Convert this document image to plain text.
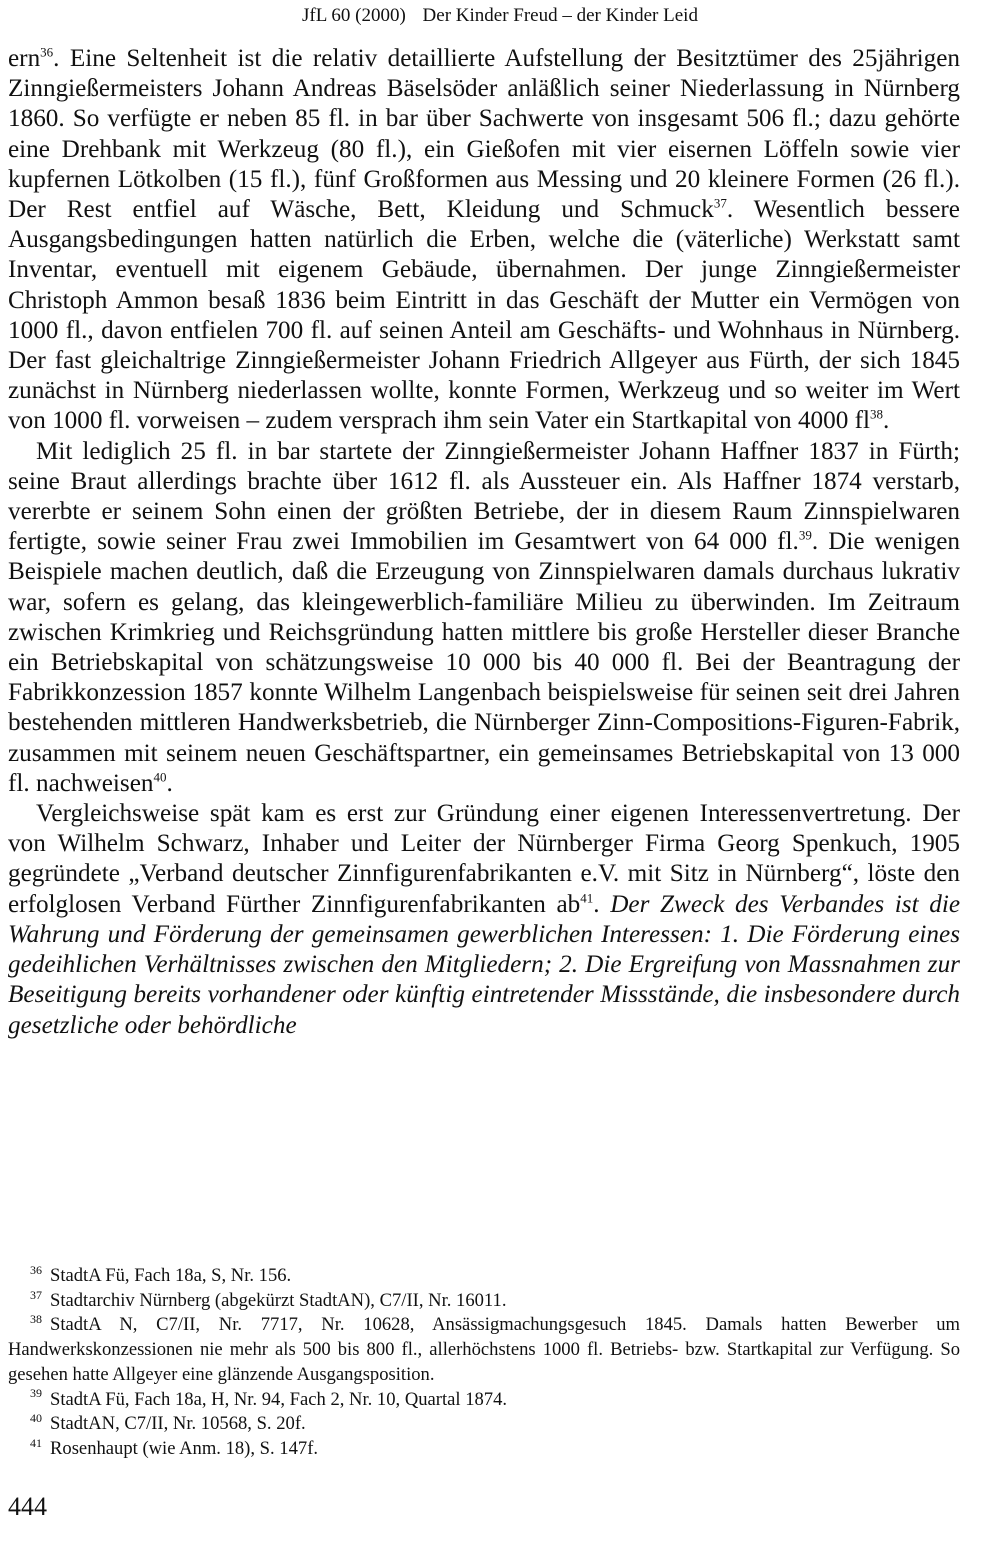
JfL 60 (2000) Der Kinder Freud – der Kinder Leid

ern$^{36}$. Eine Seltenheit ist die relativ detaillierte Aufstellung der Besitztümer des 25jährigen Zinngießermeisters Johann Andreas Bäselsöder anläßlich seiner Niederlassung in Nürnberg 1860. So verfügte er neben 85 fl. in bar über Sachwerte von insgesamt 506 fl.; dazu gehörte eine Drehbank mit Werkzeug (80 fl.), ein Gießofen mit vier eisernen Löffeln sowie vier kupfernen Lötkolben (15 fl.), fünf Großformen aus Messing und 20 kleinere Formen (26 fl.). Der Rest entfiel auf Wäsche, Bett, Kleidung und Schmuck$^{37}$. Wesentlich bessere Ausgangsbedingungen hatten natürlich die Erben, welche die (väterliche) Werkstatt samt Inventar, eventuell mit eigenem Gebäude, übernahmen. Der junge Zinngießermeister Christoph Ammon besaß 1836 beim Eintritt in das Geschäft der Mutter ein Vermögen von 1000 fl., davon entfielen 700 fl. auf seinen Anteil am Geschäfts- und Wohnhaus in Nürnberg. Der fast gleichaltrige Zinngießermeister Johann Friedrich Allgeyer aus Fürth, der sich 1845 zunächst in Nürnberg niederlassen wollte, konnte Formen, Werkzeug und so weiter im Wert von 1000 fl. vorweisen – zudem versprach ihm sein Vater ein Startkapital von 4000 $fl^{38}$.

Mit lediglich 25 fl. in bar startete der Zinngießermeister Johann Haffner 1837 in Fürth; seine Braut allerdings brachte über 1612 fl. als Aussteuer ein. Als Haffner 1874 verstarb, vererbte er seinem Sohn einen der größten Betriebe, der in diesem Raum Zinnspielwaren fertigte, sowie seiner Frau zwei Immobilien im Gesamtwert von 64 000 fl.$^{39}$. Die wenigen Beispiele machen deutlich, daß die Erzeugung von Zinnspielwaren damals durchaus lukrativ war, sofern es gelang, das kleingewerblich-familiäre Milieu zu überwinden. Im Zeitraum zwischen Krimkrieg und Reichsgründung hatten mittlere bis große Hersteller dieser Branche ein Betriebskapital von schätzungsweise 10 000 bis 40 000 fl. Bei der Beantragung der Fabrikkonzession 1857 konnte Wilhelm Langenbach beispielsweise für seinen seit drei Jahren bestehenden mittleren Handwerksbetrieb, die Nürnberger Zinn-Compositions-Figuren-Fabrik, zusammen mit seinem neuen Geschäftspartner, ein gemeinsames Betriebskapital von 13 000 fl. nachweisen$^{40}$.

Vergleichsweise spät kam es erst zur Gründung einer eigenen Interessenvertretung. Der von Wilhelm Schwarz, Inhaber und Leiter der Nürnberger Firma Georg Spenkuch, 1905 gegründete „Verband deutscher Zinnfigurenfabrikanten e.V. mit Sitz in Nürnberg“, löste den erfolglosen Verband Fürther Zinnfigurenfabrikanten $ab^{41}$. Der Zweck des Verbandes ist die Wahrung und Förderung der gemeinsamen gewerblichen Interessen: 1. Die Förderung eines gedeihlichen Verhältnisses zwischen den Mitgliedern; 2. Die Ergreifung von Massnahmen zur Beseitigung bereits vorhandener oder künftig eintretender Missstände, die insbesondere durch gesetzliche oder behördliche

$^{36}$ StadtA Fü, Fach 18a, S, Nr. 156.

$^{37}$ Stadtarchiv Nürnberg (abgekürzt StadtAN), C7/II, Nr. 16011.

$^{38}$ StadtA N, C7/II, Nr. 7717, Nr. 10628, Ansässigmachungsgesuch 1845. Damals hatten Bewerber um Handwerkskonzessionen nie mehr als 500 bis 800 fl., allerhöchstens 1000 fl. Betriebs- bzw. Startkapital zur Verfügung. So gesehen hatte Allgeyer eine glänzende Ausgangsposition.

$^{39}$ StadtA Fü, Fach 18a, H, Nr. 94, Fach 2, Nr. 10, Quartal 1874.

$^{40}$ StadtAN, C7/II, Nr. 10568, S. 20f.

$^{41}$ Rosenhaupt (wie Anm. 18), S. 147f.

444
